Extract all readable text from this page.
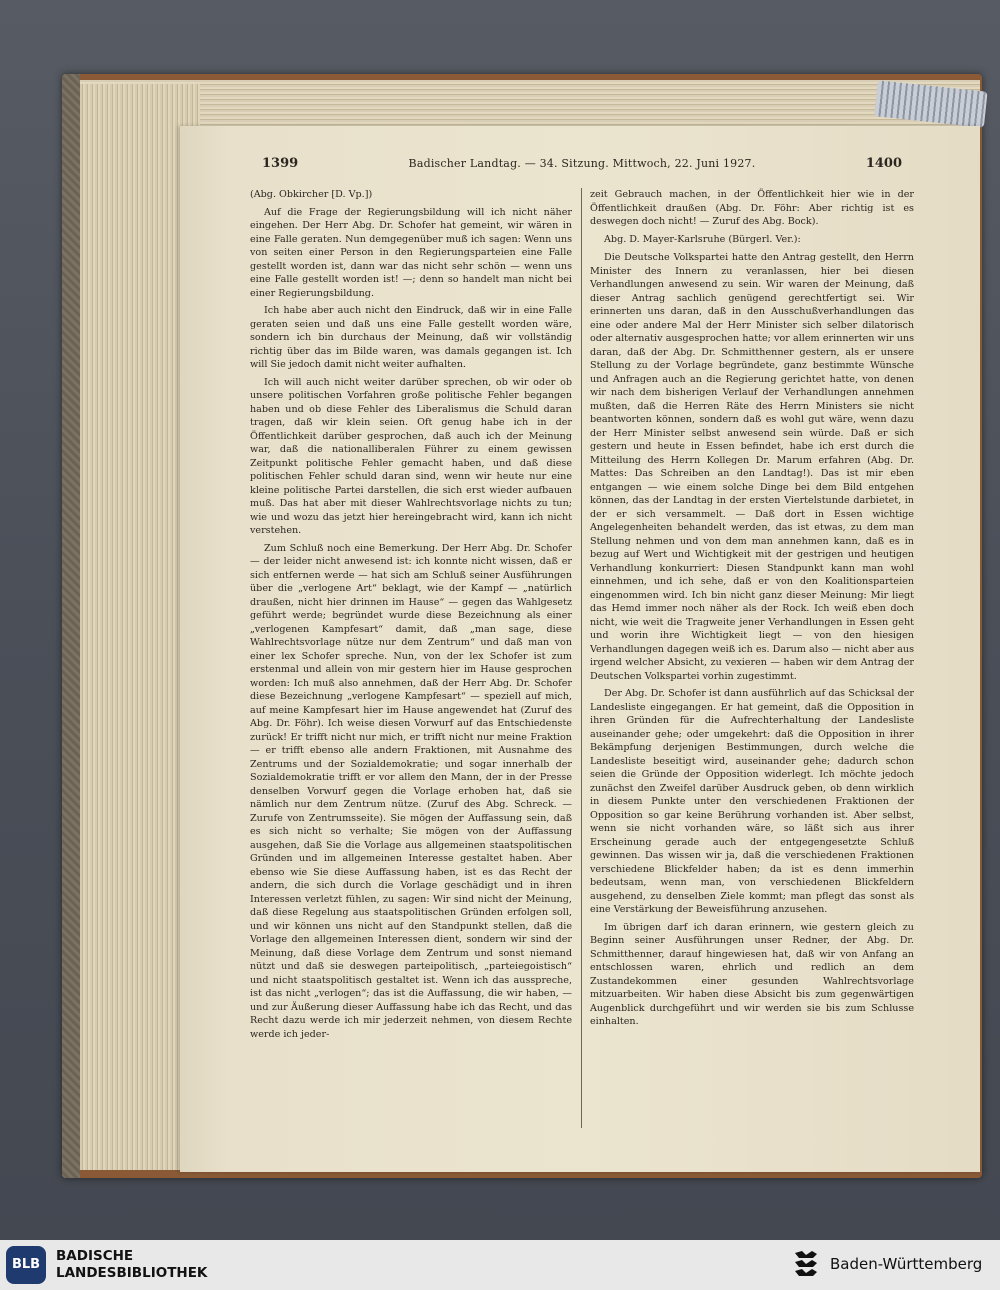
1399	Badischer Landtag. — 34. Sitzung. Mittwoch, 22. Juni 1927.	1400

(Abg. Obkircher [D. Vp.])

Auf die Frage der Regierungsbildung will ich nicht näher eingehen. Der Herr Abg. Dr. Schofer hat gemeint, wir wären in eine Falle geraten. Nun demgegenüber muß ich sagen: Wenn uns von seiten einer Person in den Regierungsparteien eine Falle gestellt worden ist, dann war das nicht sehr schön — wenn uns eine Falle gestellt worden ist! —; denn so handelt man nicht bei einer Regierungsbildung.

Ich habe aber auch nicht den Eindruck, daß wir in eine Falle geraten seien und daß uns eine Falle gestellt worden wäre, sondern ich bin durchaus der Meinung, daß wir vollständig richtig über das im Bilde waren, was damals gegangen ist. Ich will Sie jedoch damit nicht weiter aufhalten.

Ich will auch nicht weiter darüber sprechen, ob wir oder ob unsere politischen Vorfahren große politische Fehler begangen haben und ob diese Fehler des Liberalismus die Schuld daran tragen, daß wir klein seien. Oft genug habe ich in der Öffentlichkeit darüber gesprochen, daß auch ich der Meinung war, daß die nationalliberalen Führer zu einem gewissen Zeitpunkt politische Fehler gemacht haben, und daß diese politischen Fehler schuld daran sind, wenn wir heute nur eine kleine politische Partei darstellen, die sich erst wieder aufbauen muß. Das hat aber mit dieser Wahlrechtsvorlage nichts zu tun; wie und wozu das jetzt hier hereingebracht wird, kann ich nicht verstehen.

Zum Schluß noch eine Bemerkung. Der Herr Abg. Dr. Schofer — der leider nicht anwesend ist: ich konnte nicht wissen, daß er sich entfernen werde — hat sich am Schluß seiner Ausführungen über die „verlogene Art“ beklagt, wie der Kampf — „natürlich draußen, nicht hier drinnen im Hause“ — gegen das Wahlgesetz geführt werde; begründet wurde diese Bezeichnung als einer „verlogenen Kampfesart“ damit, daß „man sage, diese Wahlrechtsvorlage nütze nur dem Zentrum“ und daß man von einer lex Schofer spreche. Nun, von der lex Schofer ist zum erstenmal und allein von mir gestern hier im Hause gesprochen worden: Ich muß also annehmen, daß der Herr Abg. Dr. Schofer diese Bezeichnung „verlogene Kampfesart“ — speziell auf mich, auf meine Kampfesart hier im Hause angewendet hat (Zuruf des Abg. Dr. Föhr). Ich weise diesen Vorwurf auf das Entschiedenste zurück! Er trifft nicht nur mich, er trifft nicht nur meine Fraktion — er trifft ebenso alle andern Fraktionen, mit Ausnahme des Zentrums und der Sozialdemokratie; und sogar innerhalb der Sozialdemokratie trifft er vor allem den Mann, der in der Presse denselben Vorwurf gegen die Vorlage erhoben hat, daß sie nämlich nur dem Zentrum nütze. (Zuruf des Abg. Schreck. — Zurufe von Zentrumsseite). Sie mögen der Auffassung sein, daß es sich nicht so verhalte; Sie mögen von der Auffassung ausgehen, daß Sie die Vorlage aus allgemeinen staatspolitischen Gründen und im allgemeinen Interesse gestaltet haben. Aber ebenso wie Sie diese Auffassung haben, ist es das Recht der andern, die sich durch die Vorlage geschädigt und in ihren Interessen verletzt fühlen, zu sagen: Wir sind nicht der Meinung, daß diese Regelung aus staatspolitischen Gründen erfolgen soll, und wir können uns nicht auf den Standpunkt stellen, daß die Vorlage den allgemeinen Interessen dient, sondern wir sind der Meinung, daß diese Vorlage dem Zentrum und sonst niemand nützt und daß sie deswegen parteipolitisch, „parteiegoistisch“ und nicht staatspolitisch gestaltet ist. Wenn ich das ausspreche, ist das nicht „verlogen“; das ist die Auffassung, die wir haben, — und zur Äußerung dieser Auffassung habe ich das Recht, und das Recht dazu werde ich mir jederzeit nehmen, von diesem Rechte werde ich jeder-

zeit Gebrauch machen, in der Öffentlichkeit hier wie in der Öffentlichkeit draußen (Abg. Dr. Föhr: Aber richtig ist es deswegen doch nicht! — Zuruf des Abg. Bock).

Abg. D. Mayer-Karlsruhe (Bürgerl. Ver.):

Die Deutsche Volkspartei hatte den Antrag gestellt, den Herrn Minister des Innern zu veranlassen, hier bei diesen Verhandlungen anwesend zu sein. Wir waren der Meinung, daß dieser Antrag sachlich genügend gerechtfertigt sei. Wir erinnerten uns daran, daß in den Ausschußverhandlungen das eine oder andere Mal der Herr Minister sich selber dilatorisch oder alternativ ausgesprochen hatte; vor allem erinnerten wir uns daran, daß der Abg. Dr. Schmitthenner gestern, als er unsere Stellung zu der Vorlage begründete, ganz bestimmte Wünsche und Anfragen auch an die Regierung gerichtet hatte, von denen wir nach dem bisherigen Verlauf der Verhandlungen annehmen mußten, daß die Herren Räte des Herrn Ministers sie nicht beantworten können, sondern daß es wohl gut wäre, wenn dazu der Herr Minister selbst anwesend sein würde. Daß er sich gestern und heute in Essen befindet, habe ich erst durch die Mitteilung des Herrn Kollegen Dr. Marum erfahren (Abg. Dr. Mattes: Das Schreiben an den Landtag!). Das ist mir eben entgangen — wie einem solche Dinge bei dem Bild entgehen können, das der Landtag in der ersten Viertelstunde darbietet, in der er sich versammelt. — Daß dort in Essen wichtige Angelegenheiten behandelt werden, das ist etwas, zu dem man Stellung nehmen und von dem man annehmen kann, daß es in bezug auf Wert und Wichtigkeit mit der gestrigen und heutigen Verhandlung konkurriert: Diesen Standpunkt kann man wohl einnehmen, und ich sehe, daß er von den Koalitionsparteien eingenommen wird. Ich bin nicht ganz dieser Meinung: Mir liegt das Hemd immer noch näher als der Rock. Ich weiß eben doch nicht, wie weit die Tragweite jener Verhandlungen in Essen geht und worin ihre Wichtigkeit liegt — von den hiesigen Verhandlungen dagegen weiß ich es. Darum also — nicht aber aus irgend welcher Absicht, zu vexieren — haben wir dem Antrag der Deutschen Volkspartei vorhin zugestimmt.

Der Abg. Dr. Schofer ist dann ausführlich auf das Schicksal der Landesliste eingegangen. Er hat gemeint, daß die Opposition in ihren Gründen für die Aufrechterhaltung der Landesliste auseinander gehe; oder umgekehrt: daß die Opposition in ihrer Bekämpfung derjenigen Bestimmungen, durch welche die Landesliste beseitigt wird, auseinander gehe; dadurch schon seien die Gründe der Opposition widerlegt. Ich möchte jedoch zunächst den Zweifel darüber Ausdruck geben, ob denn wirklich in diesem Punkte unter den verschiedenen Fraktionen der Opposition so gar keine Berührung vorhanden ist. Aber selbst, wenn sie nicht vorhanden wäre, so läßt sich aus ihrer Erscheinung gerade auch der entgegengesetzte Schluß gewinnen. Das wissen wir ja, daß die verschiedenen Fraktionen verschiedene Blickfelder haben; da ist es denn immerhin bedeutsam, wenn man, von verschiedenen Blickfeldern ausgehend, zu denselben Ziele kommt; man pflegt das sonst als eine Verstärkung der Beweisführung anzusehen.

Im übrigen darf ich daran erinnern, wie gestern gleich zu Beginn seiner Ausführungen unser Redner, der Abg. Dr. Schmitthenner, darauf hingewiesen hat, daß wir von Anfang an entschlossen waren, ehrlich und redlich an dem Zustandekommen einer gesunden Wahlrechtsvorlage mitzuarbeiten. Wir haben diese Absicht bis zum gegenwärtigen Augenblick durchgeführt und wir werden sie bis zum Schlusse einhalten.

BLB
BADISCHE
LANDESBIBLIOTHEK	Baden-Württemberg
